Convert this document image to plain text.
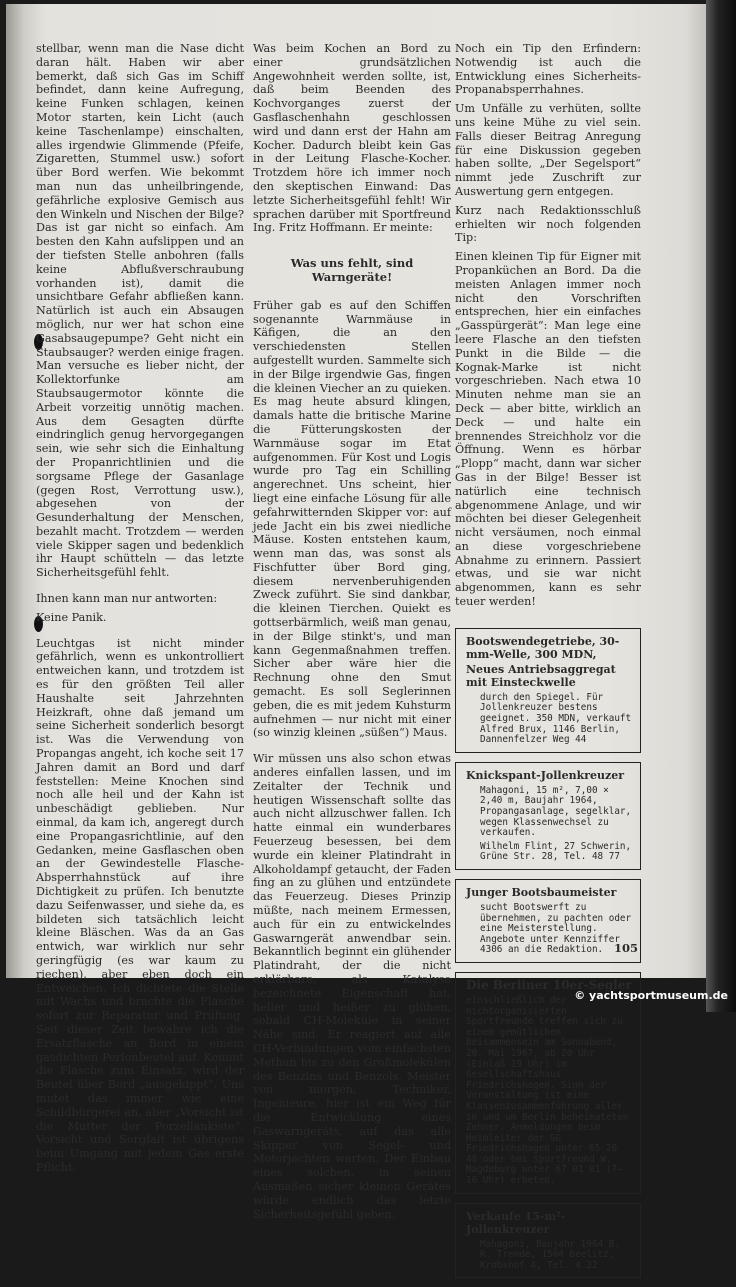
stellbar, wenn man die Nase dicht daran hält. Haben wir aber bemerkt, daß sich Gas im Schiff befindet, dann keine Aufregung, keine Funken schlagen, keinen Motor starten, kein Licht (auch keine Taschenlampe) einschalten, alles irgendwie Glimmende (Pfeife, Zigaretten, Stummel usw.) sofort über Bord werfen. Wie bekommt man nun das unheilbringende, gefährliche explosive Gemisch aus den Winkeln und Nischen der Bilge? Das ist gar nicht so einfach. Am besten den Kahn aufslippen und an der tiefsten Stelle anbohren (falls keine Abflußverschraubung vorhanden ist), damit die unsichtbare Gefahr abfließen kann. Natürlich ist auch ein Absaugen möglich, nur wer hat schon eine Gasabsaugepumpe? Geht nicht ein Staubsauger? werden einige fragen. Man versuche es lieber nicht, der Kollektorfunke am Staubsaugermotor könnte die Arbeit vorzeitig unnötig machen. Aus dem Gesagten dürfte eindringlich genug hervorgegangen sein, wie sehr sich die Einhaltung der Propanrichtlinien und die sorgsame Pflege der Gasanlage (gegen Rost, Verrottung usw.), abgesehen von der Gesunderhaltung der Menschen, bezahlt macht. Trotzdem — werden viele Skipper sagen und bedenklich ihr Haupt schütteln — das letzte Sicherheitsgefühl fehlt.

Ihnen kann man nur antworten:

Keine Panik.

Leuchtgas ist nicht minder gefährlich, wenn es unkontrolliert entweichen kann, und trotzdem ist es für den größten Teil aller Haushalte seit Jahrzehnten Heizkraft, ohne daß jemand um seine Sicherheit sonderlich besorgt ist. Was die Verwendung von Propangas angeht, ich koche seit 17 Jahren damit an Bord und darf feststellen: Meine Knochen sind noch alle heil und der Kahn ist unbeschädigt geblieben. Nur einmal, da kam ich, angeregt durch eine Propangasrichtlinie, auf den Gedanken, meine Gasflaschen oben an der Gewindestelle Flasche-Absperrhahnstück auf ihre Dichtigkeit zu prüfen. Ich benutzte dazu Seifenwasser, und siehe da, es bildeten sich tatsächlich leicht kleine Bläschen. Was da an Gas entwich, war wirklich nur sehr geringfügig (es war kaum zu riechen), aber eben doch ein Entweichen. Ich dichtete die Stelle mit Wachs und brachte die Flasche sofort zur Reparatur und Prüfung. Seit dieser Zeit bewahre ich die Ersatzflasche an Bord in einem gasdichten Perlonbeutel auf. Kommt die Flasche zum Einsatz, wird der Beutel über Bord „ausgekippt“. Uns mutet das immer wie eine Schildbürgerei an, aber „Vorsicht ist die Mutter der Porzellankiste“. Vorsicht und Sorgfalt ist übrigens beim Umgang mit jedem Gas erste Pflicht.

Was beim Kochen an Bord zu einer grundsätzlichen Angewohnheit werden sollte, ist, daß beim Beenden des Kochvorganges zuerst der Gasflaschenhahn geschlossen wird und dann erst der Hahn am Kocher. Dadurch bleibt kein Gas in der Leitung Flasche-Kocher. Trotzdem höre ich immer noch den skeptischen Einwand: Das letzte Sicherheitsgefühl fehlt! Wir sprachen darüber mit Sportfreund Ing. Fritz Hoffmann. Er meinte:

Was uns fehlt, sind Warngeräte!

Früher gab es auf den Schiffen sogenannte Warnmäuse in Käfigen, die an den verschiedensten Stellen aufgestellt wurden. Sammelte sich in der Bilge irgendwie Gas, fingen die kleinen Viecher an zu quieken. Es mag heute absurd klingen, damals hatte die britische Marine die Fütterungskosten der Warnmäuse sogar im Etat aufgenommen. Für Kost und Logis wurde pro Tag ein Schilling angerechnet. Uns scheint, hier liegt eine einfache Lösung für alle gefahrwitternden Skipper vor: auf jede Jacht ein bis zwei niedliche Mäuse. Kosten entstehen kaum, wenn man das, was sonst als Fischfutter über Bord ging, diesem nervenberuhigenden Zweck zuführt. Sie sind dankbar, die kleinen Tierchen. Quiekt es gottserbärmlich, weiß man genau, in der Bilge stinkt's, und man kann Gegenmaßnahmen treffen. Sicher aber wäre hier die Rechnung ohne den Smut gemacht. Es soll Seglerinnen geben, die es mit jedem Kuhsturm aufnehmen — nur nicht mit einer (so winzig kleinen „süßen“) Maus.

Wir müssen uns also schon etwas anderes einfallen lassen, und im Zeitalter der Technik und heutigen Wissenschaft sollte das auch nicht allzuschwer fallen. Ich hatte einmal ein wunderbares Feuerzeug besessen, bei dem wurde ein kleiner Platindraht in Alkoholdampf getaucht, der Faden fing an zu glühen und entzündete das Feuerzeug. Dieses Prinzip müßte, nach meinem Ermessen, auch für ein zu entwickelndes Gaswarngerät anwendbar sein. Bekanntlich beginnt ein glühender Platindraht, der die nicht erklärbare, als Katalyse bezeichnete Eigenschaft hat, heller und heißer zu glühen, sobald CH-Moleküle in seiner Nähe sind. Er reagiert auf alle CH-Verbindungen vom einfachsten Methan bis zu den Großmolekülen des Benzins und Benzols. Meister von morgen, Techniker, Ingenieure, hier ist ein Weg für die Entwicklung eines Gaswarngeräts, auf das alle Skipper von Segel- und Motorjachten warten. Der Einbau eines solchen, in seinen Ausmaßen sicher kleinen Gerätes würde endlich das letzte Sicherheitsgefühl geben.

Noch ein Tip den Erfindern: Notwendig ist auch die Entwicklung eines Sicherheits-Propanabsperrhahnes.

Um Unfälle zu verhüten, sollte uns keine Mühe zu viel sein. Falls dieser Beitrag Anregung für eine Diskussion gegeben haben sollte, „Der Segelsport“ nimmt jede Zuschrift zur Auswertung gern entgegen.

Kurz nach Redaktionsschluß erhielten wir noch folgenden Tip:

Einen kleinen Tip für Eigner mit Propanküchen an Bord. Da die meisten Anlagen immer noch nicht den Vorschriften entsprechen, hier ein einfaches „Gasspürgerät“: Man lege eine leere Flasche an den tiefsten Punkt in die Bilde — die Kognak-Marke ist nicht vorgeschrieben. Nach etwa 10 Minuten nehme man sie an Deck — aber bitte, wirklich an Deck — und halte ein brennendes Streichholz vor die Öffnung. Wenn es hörbar „Plopp“ macht, dann war sicher Gas in der Bilge! Besser ist natürlich eine technisch abgenommene Anlage, und wir möchten bei dieser Gelegenheit nicht versäumen, noch einmal an diese vorgeschriebene Abnahme zu erinnern. Passiert etwas, und sie war nicht abgenommen, kann es sehr teuer werden!

Bootswendegetriebe, 30-mm-Welle, 300 MDN,
Neues Antriebsaggregat mit Einsteckwelle
durch den Spiegel. Für Jollenkreuzer bestens geeignet. 350 MDN, verkauft Alfred Brux, 1146 Berlin, Dannenfelzer Weg 44
Knickspant-Jollenkreuzer
Mahagoni, 15 m², 7,00 × 2,40 m, Baujahr 1964, Propangasanlage, segelklar, wegen Klassenwechsel zu verkaufen.
Wilhelm Flint, 27 Schwerin, Grüne Str. 28, Tel. 48 77
Junger Bootsbaumeister
sucht Bootswerft zu übernehmen, zu pachten oder eine Meisterstellung.
Angebote unter Kennziffer 4306 an die Redaktion.
Die Berliner 10er-Segler
einschließlich der nichtorganisierten Sportfreunde treffen sich zu einem gemütlichen Beisammensein am Sonnabend, 20. Mai 1967, ab 20 Uhr (Einlaß 19 Uhr) im Gesellschaftshaus Friedrichshagen. Sinn der Veranstaltung ist eine Klassenzusammenführung aller in und um Berlin beheimateten Zehner. Anmeldungen beim Heimleiter der SG Friedrichshagen unter 65 20 48 oder bei Sportfreund W. Magdeburg unter 67 01 01 (7–16 Uhr) erbeten.
Verkaufe 15-m²-Jollenkreuzer
Mahagoni, Baujahr 1964 B. R. Trende, 1504 Beelitz, Krobshof 4, Tel. 4 32
105
© yachtsportmuseum.de
